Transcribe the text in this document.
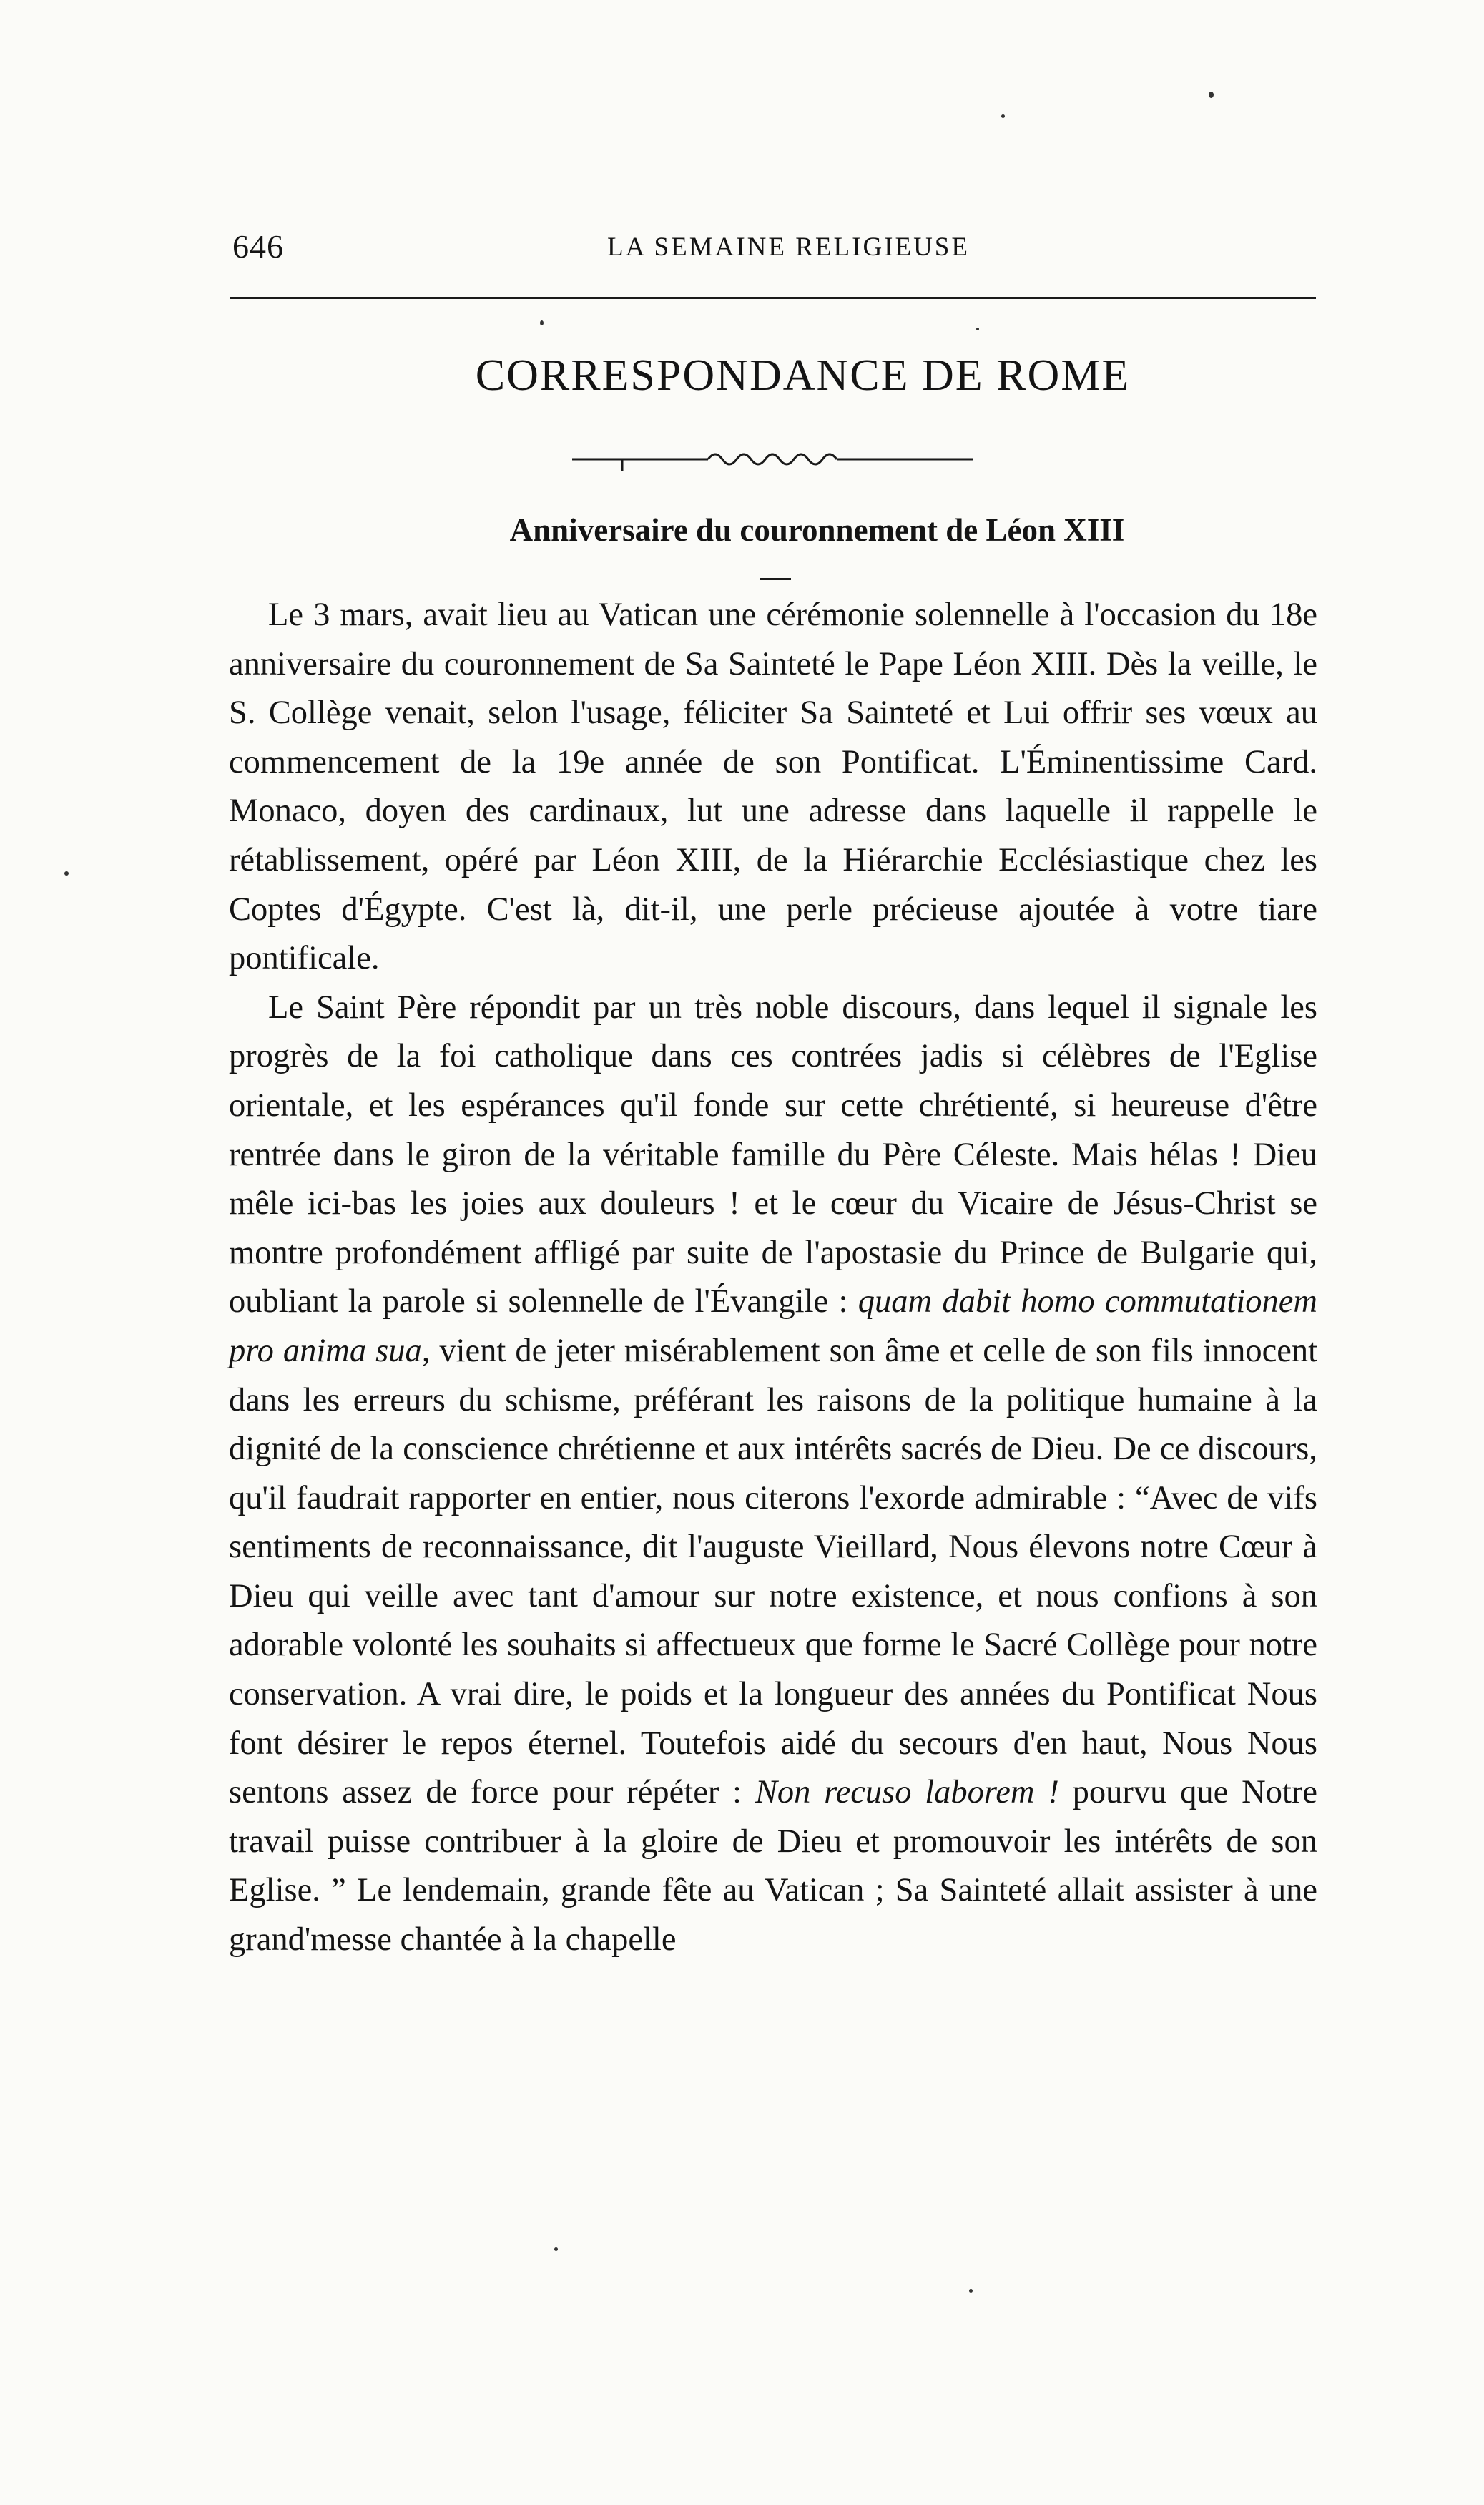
646	LA SEMAINE RELIGIEUSE
CORRESPONDANCE DE ROME
Anniversaire du couronnement de Léon XIII

Le 3 mars, avait lieu au Vatican une cérémonie solennelle à l'occasion du 18e anniversaire du couronnement de Sa Sainteté le Pape Léon XIII. Dès la veille, le S. Collège venait, selon l'usage, féliciter Sa Sainteté et Lui offrir ses vœux au commencement de la 19e année de son Pontificat. L'Éminentissime Card. Monaco, doyen des cardinaux, lut une adresse dans laquelle il rappelle le rétablissement, opéré par Léon XIII, de la Hiérarchie Ecclésiastique chez les Coptes d'Égypte. C'est là, dit-il, une perle précieuse ajoutée à votre tiare pontificale.

Le Saint Père répondit par un très noble discours, dans lequel il signale les progrès de la foi catholique dans ces contrées jadis si célèbres de l'Eglise orientale, et les espérances qu'il fonde sur cette chrétienté, si heureuse d'être rentrée dans le giron de la véritable famille du Père Céleste. Mais hélas ! Dieu mêle ici-bas les joies aux douleurs ! et le cœur du Vicaire de Jésus-Christ se montre profondément affligé par suite de l'apostasie du Prince de Bulgarie qui, oubliant la parole si solennelle de l'Évangile : quam dabit homo commutationem pro anima sua, vient de jeter misérablement son âme et celle de son fils innocent dans les erreurs du schisme, préférant les raisons de la politique humaine à la dignité de la conscience chrétienne et aux intérêts sacrés de Dieu. De ce discours, qu'il faudrait rapporter en entier, nous citerons l'exorde admirable : “Avec de vifs sentiments de reconnaissance, dit l'auguste Vieillard, Nous élevons notre Cœur à Dieu qui veille avec tant d'amour sur notre existence, et nous confions à son adorable volonté les souhaits si affectueux que forme le Sacré Collège pour notre conservation. A vrai dire, le poids et la longueur des années du Pontificat Nous font désirer le repos éternel. Toutefois aidé du secours d'en haut, Nous Nous sentons assez de force pour répéter : Non recuso laborem ! pourvu que Notre travail puisse contribuer à la gloire de Dieu et promouvoir les intérêts de son Eglise. ” Le lendemain, grande fête au Vatican ; Sa Sainteté allait assister à une grand'messe chantée à la chapelle
